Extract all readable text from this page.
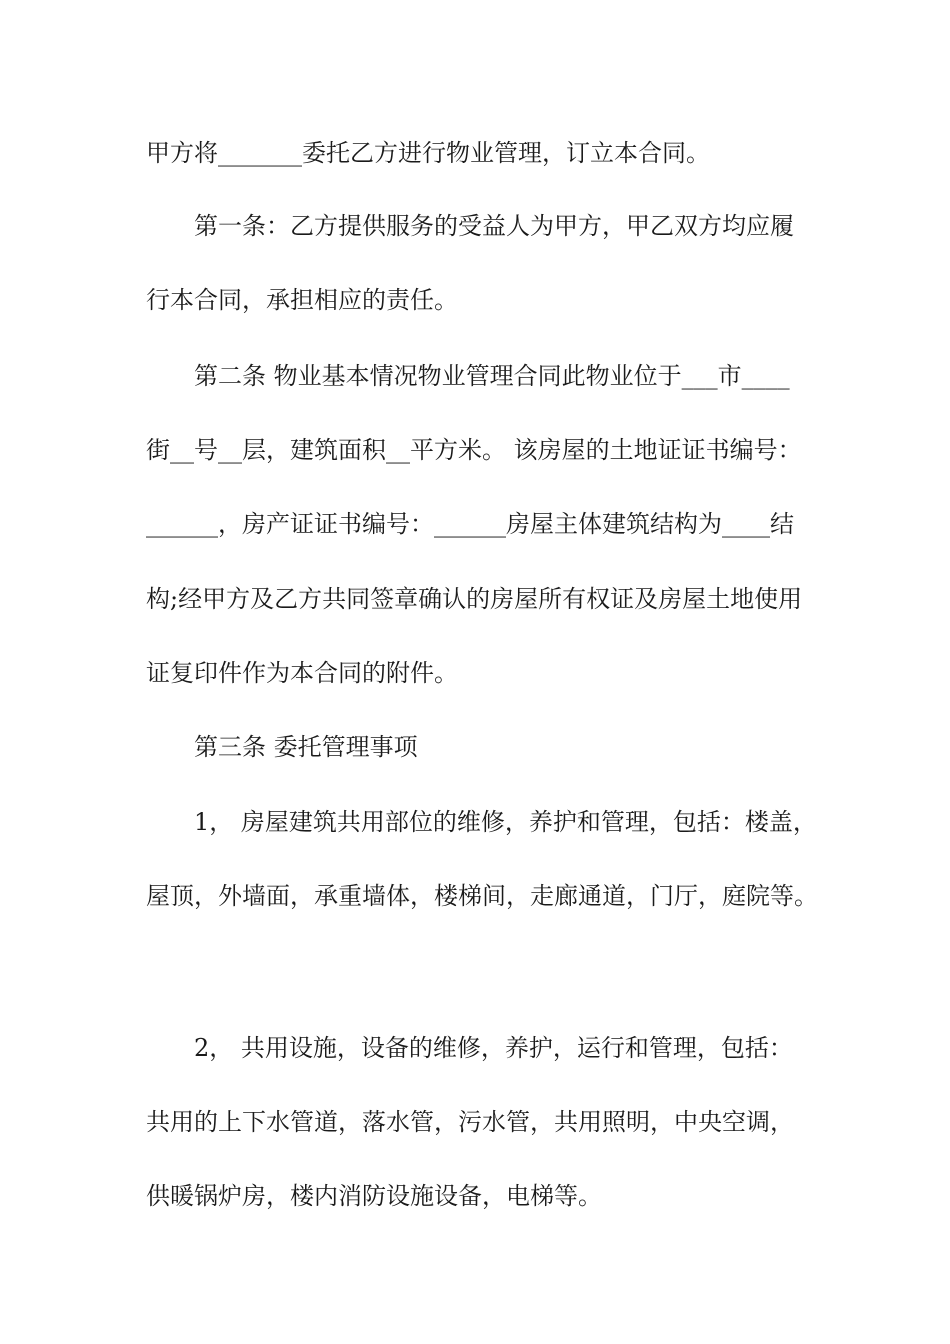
甲方将_______委托乙方进行物业管理，订立本合同。

第一条：乙方提供服务的受益人为甲方，甲乙双方均应履

行本合同，承担相应的责任。

第二条 物业基本情况物业管理合同此物业位于___市____

街__号__层，建筑面积__平方米。 该房屋的土地证证书编号：

______，房产证证书编号：______房屋主体建筑结构为____结

构;经甲方及乙方共同签章确认的房屋所有权证及房屋土地使用

证复印件作为本合同的附件。

第三条 委托管理事项

1， 房屋建筑共用部位的维修，养护和管理，包括：楼盖，

屋顶，外墙面，承重墙体，楼梯间，走廊通道，门厅，庭院等。

2， 共用设施，设备的维修，养护，运行和管理，包括：

共用的上下水管道，落水管，污水管，共用照明，中央空调，

供暖锅炉房，楼内消防设施设备，电梯等。
